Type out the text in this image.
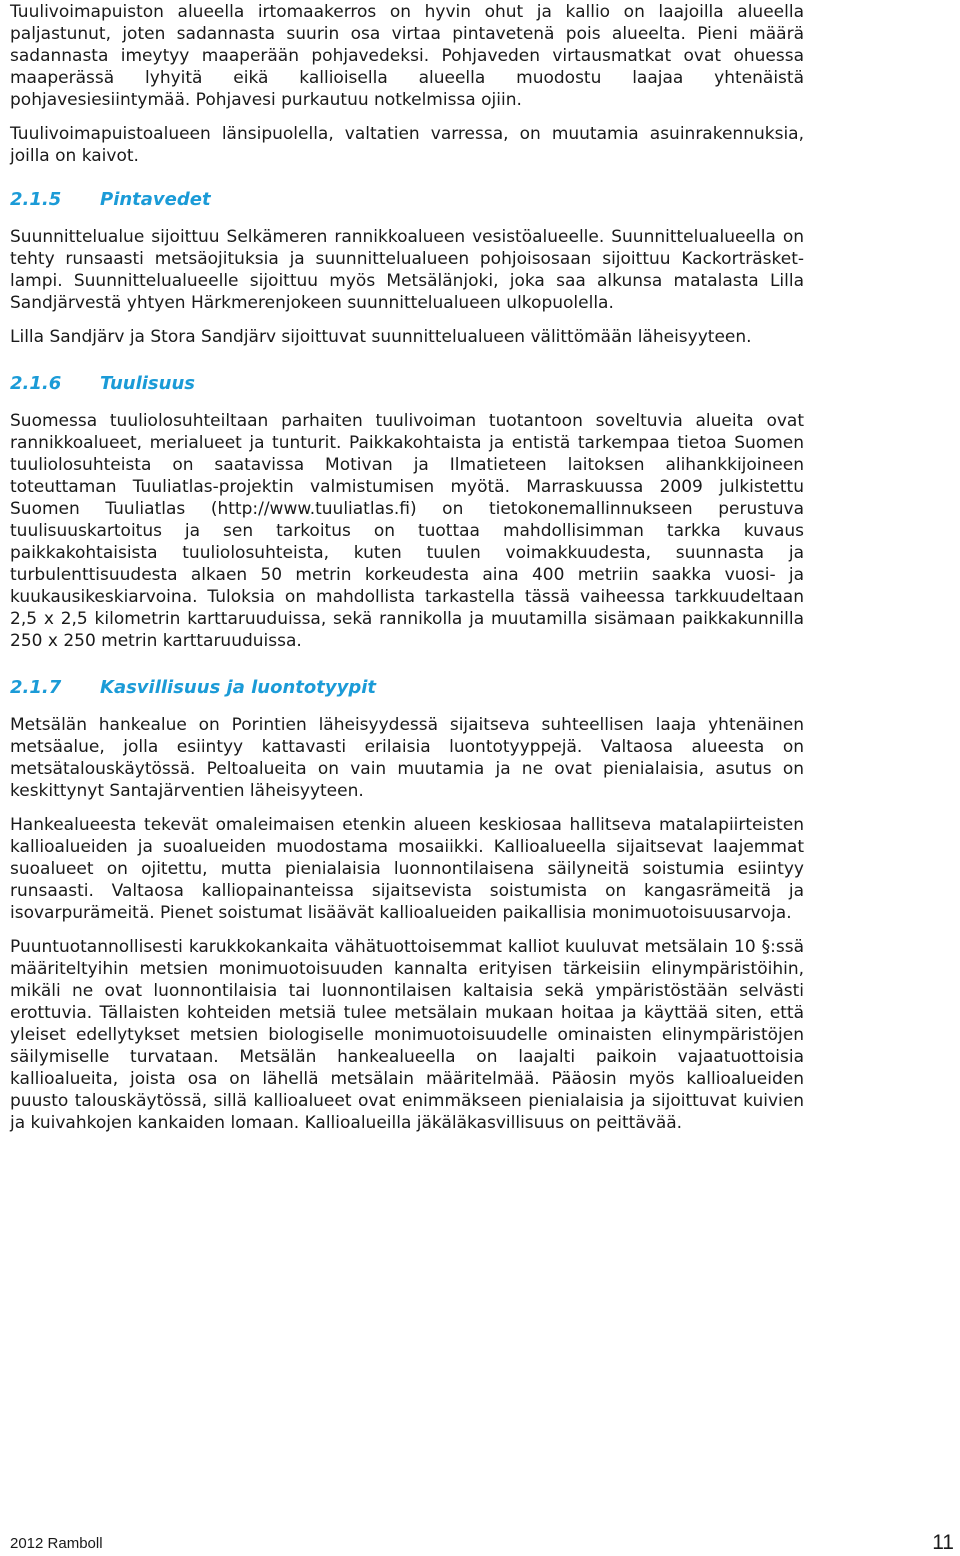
Tuulivoimapuiston alueella irtomaakerros on hyvin ohut ja kallio on laajoilla alueella paljastunut, joten sadannasta suurin osa virtaa pintavetenä pois alueelta. Pieni määrä sadannasta imeytyy maaperään pohjavedeksi. Pohjaveden virtausmatkat ovat ohuessa maaperässä lyhyitä eikä kallioisella alueella muodostu laajaa yhtenäistä pohjavesiesiintymää. Pohjavesi purkautuu notkelmissa ojiin.

Tuulivoimapuistoalueen länsipuolella, valtatien varressa, on muutamia asuinrakennuksia, joilla on kaivot.

2.1.5 Pintavedet

Suunnittelualue sijoittuu Selkämeren rannikkoalueen vesistöalueelle. Suunnittelualueella on tehty runsaasti metsäojituksia ja suunnittelualueen pohjoisosaan sijoittuu Kackorträsket-lampi. Suunnittelualueelle sijoittuu myös Metsälänjoki, joka saa alkunsa matalasta Lilla Sandjärvestä yhtyen Härkmerenjokeen suunnittelualueen ulkopuolella.

Lilla Sandjärv ja Stora Sandjärv sijoittuvat suunnittelualueen välittömään läheisyyteen.

2.1.6 Tuulisuus

Suomessa tuuliolosuhteiltaan parhaiten tuulivoiman tuotantoon soveltuvia alueita ovat rannikkoalueet, merialueet ja tunturit. Paikkakohtaista ja entistä tarkempaa tietoa Suomen tuuliolosuhteista on saatavissa Motivan ja Ilmatieteen laitoksen alihankkijoineen toteuttaman Tuuliatlas-projektin valmistumisen myötä. Marraskuussa 2009 julkistettu Suomen Tuuliatlas (http://www.tuuliatlas.fi) on tietokonemallinnukseen perustuva tuulisuuskartoitus ja sen tarkoitus on tuottaa mahdollisimman tarkka kuvaus paikkakohtaisista tuuliolosuhteista, kuten tuulen voimakkuudesta, suunnasta ja turbulenttisuudesta alkaen 50 metrin korkeudesta aina 400 metriin saakka vuosi- ja kuukausikeskiarvoina. Tuloksia on mahdollista tarkastella tässä vaiheessa tarkkuudeltaan 2,5 x 2,5 kilometrin karttaruuduissa, sekä rannikolla ja muutamilla sisämaan paikkakunnilla 250 x 250 metrin karttaruuduissa.

2.1.7 Kasvillisuus ja luontotyypit

Metsälän hankealue on Porintien läheisyydessä sijaitseva suhteellisen laaja yhtenäinen metsäalue, jolla esiintyy kattavasti erilaisia luontotyyppejä. Valtaosa alueesta on metsätalouskäytössä. Peltoalueita on vain muutamia ja ne ovat pienialaisia, asutus on keskittynyt Santajärventien läheisyyteen.

Hankealueesta tekevät omaleimaisen etenkin alueen keskiosaa hallitseva matalapiirteisten kallioalueiden ja suoalueiden muodostama mosaiikki. Kallioalueella sijaitsevat laajemmat suoalueet on ojitettu, mutta pienialaisia luonnontilaisena säilyneitä soistumia esiintyy runsaasti. Valtaosa kalliopainanteissa sijaitsevista soistumista on kangasrämeitä ja isovarpurämeitä. Pienet soistumat lisäävät kallioalueiden paikallisia monimuotoisuusarvoja.

Puuntuotannollisesti karukkokankaita vähätuottoisemmat kalliot kuuluvat metsälain 10 §:ssä määriteltyihin metsien monimuotoisuuden kannalta erityisen tärkeisiin elinympäristöihin, mikäli ne ovat luonnontilaisia tai luonnontilaisen kaltaisia sekä ympäristöstään selvästi erottuvia. Tällaisten kohteiden metsiä tulee metsälain mukaan hoitaa ja käyttää siten, että yleiset edellytykset metsien biologiselle monimuotoisuudelle ominaisten elinympäristöjen säilymiselle turvataan. Metsälän hankealueella on laajalti paikoin vajaatuottoisia kallioalueita, joista osa on lähellä metsälain määritelmää. Pääosin myös kallioalueiden puusto talouskäytössä, sillä kallioalueet ovat enimmäkseen pienialaisia ja sijoittuvat kuivien ja kuivahkojen kankaiden lomaan. Kallioalueilla jäkäläkasvillisuus on peittävää.

2012 Ramboll	11
